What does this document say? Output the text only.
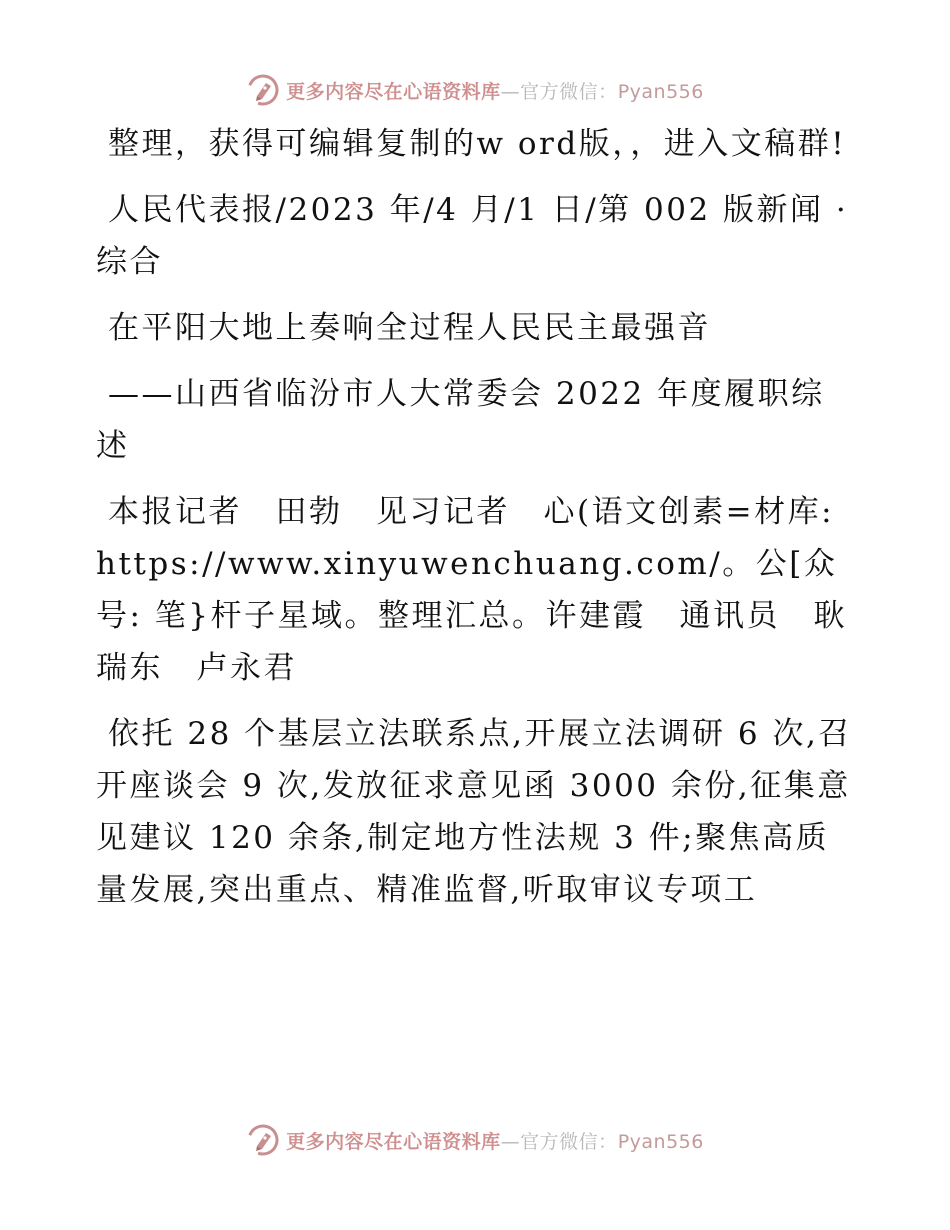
更多内容尽在心语资料库—官方微信：Pyan556

整理，获得可编辑复制的w ord版，，进入文稿群!

人民代表报/2023 年/4 月/1 日/第 002 版新闻 · 综合

在平阳大地上奏响全过程人民民主最强音

——山西省临汾市人大常委会 2022 年度履职综述

本报记者　田勃　见习记者　心(语文创素=材库: https://www.xinyuwenchuang.com/。公[众号: 笔}杆子星域。整理汇总。许建霞　通讯员　耿瑞东　卢永君

依托 28 个基层立法联系点,开展立法调研 6 次,召开座谈会 9 次,发放征求意见函 3000 余份,征集意见建议 120 余条,制定地方性法规 3 件;聚焦高质量发展,突出重点、精准监督,听取审议专项工

更多内容尽在心语资料库—官方微信：Pyan556
